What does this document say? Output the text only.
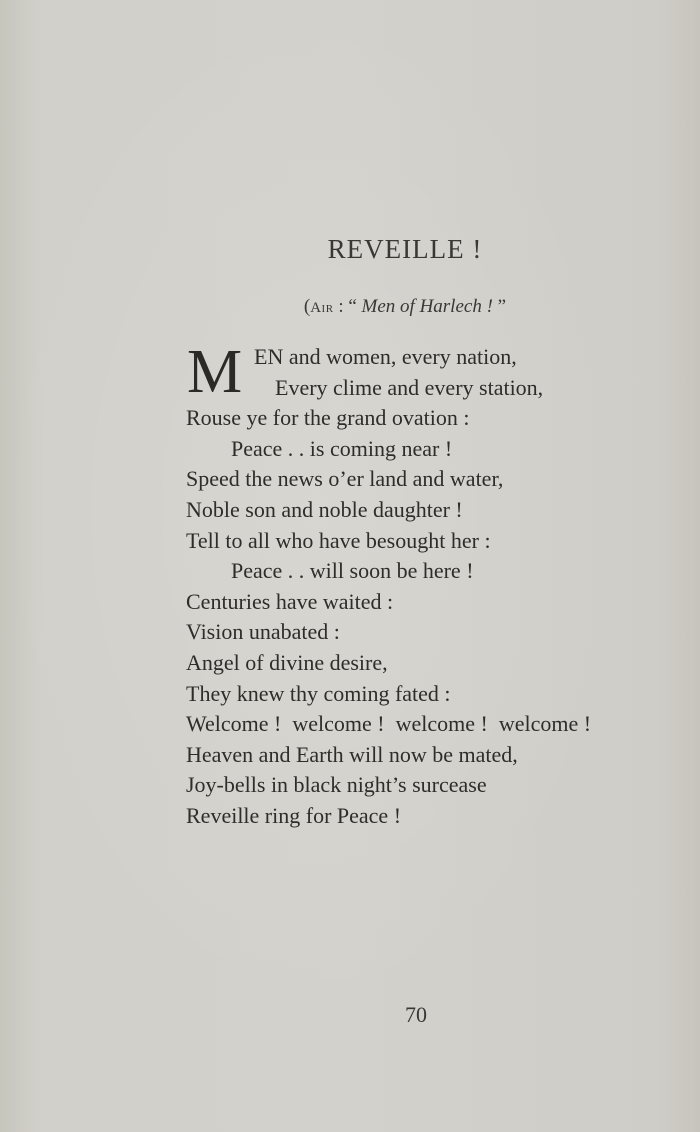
REVEILLE !
(Air : “ Men of Harlech ! ”
M EN and women, every nation,
Every clime and every station,
Rouse ye for the grand ovation :
Peace . . is coming near !
Speed the news o’er land and water,
Noble son and noble daughter !
Tell to all who have besought her :
Peace . . will soon be here !
Centuries have waited :
Vision unabated :
Angel of divine desire,
They knew thy coming fated :
Welcome !  welcome !  welcome !  welcome !
Heaven and Earth will now be mated,
Joy-bells in black night’s surcease
Reveille ring for Peace !
70
